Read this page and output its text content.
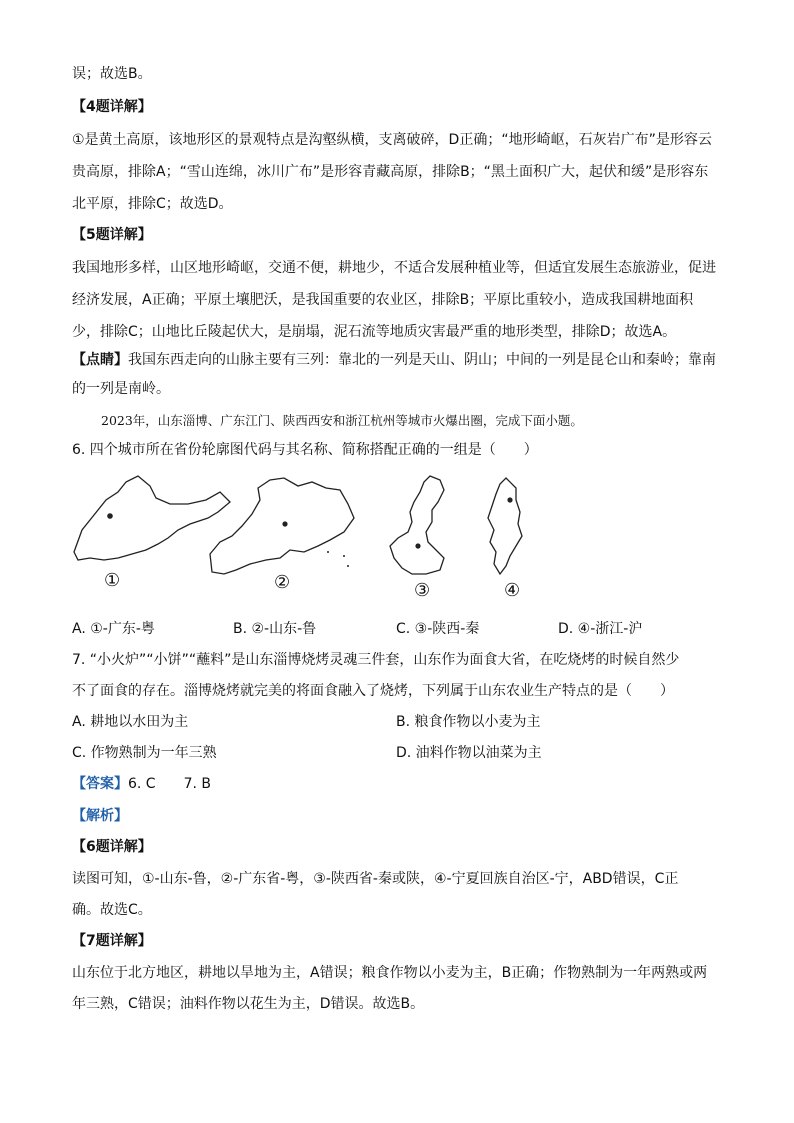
误；故选B。
【4题详解】
①是黄土高原，该地形区的景观特点是沟壑纵横，支离破碎，D正确；“地形崎岖，石灰岩广布”是形容云
贵高原，排除A；“雪山连绵，冰川广布”是形容青藏高原，排除B；“黑土面积广大，起伏和缓”是形容东
北平原，排除C；故选D。
【5题详解】
我国地形多样，山区地形崎岖，交通不便，耕地少，不适合发展种植业等，但适宜发展生态旅游业，促进
经济发展，A正确；平原土壤肥沃，是我国重要的农业区，排除B；平原比重较小，造成我国耕地面积
少，排除C；山地比丘陵起伏大，是崩塌，泥石流等地质灾害最严重的地形类型，排除D；故选A。
【点睛】我国东西走向的山脉主要有三列：靠北的一列是天山、阴山；中间的一列是昆仑山和秦岭；靠南
的一列是南岭。
2023年，山东淄博、广东江门、陕西西安和浙江杭州等城市火爆出圈，完成下面小题。
6. 四个城市所在省份轮廓图代码与其名称、简称搭配正确的一组是（　　）
①	②	③	④
A. ①-广东-粤	B. ②-山东-鲁	C. ③-陕西-秦	D. ④-浙江-沪
7. “小火炉”“小饼”“蘸料”是山东淄博烧烤灵魂三件套，山东作为面食大省，在吃烧烤的时候自然少
不了面食的存在。淄博烧烤就完美的将面食融入了烧烤，下列属于山东农业生产特点的是（　　）
A. 耕地以水田为主	B. 粮食作物以小麦为主
C. 作物熟制为一年三熟	D. 油料作物以油菜为主
【答案】6. C　　7. B
【解析】
【6题详解】
读图可知，①-山东-鲁，②-广东省-粤，③-陕西省-秦或陕，④-宁夏回族自治区-宁，ABD错误，C正
确。故选C。
【7题详解】
山东位于北方地区，耕地以旱地为主，A错误；粮食作物以小麦为主，B正确；作物熟制为一年两熟或两
年三熟，C错误；油料作物以花生为主，D错误。故选B。
